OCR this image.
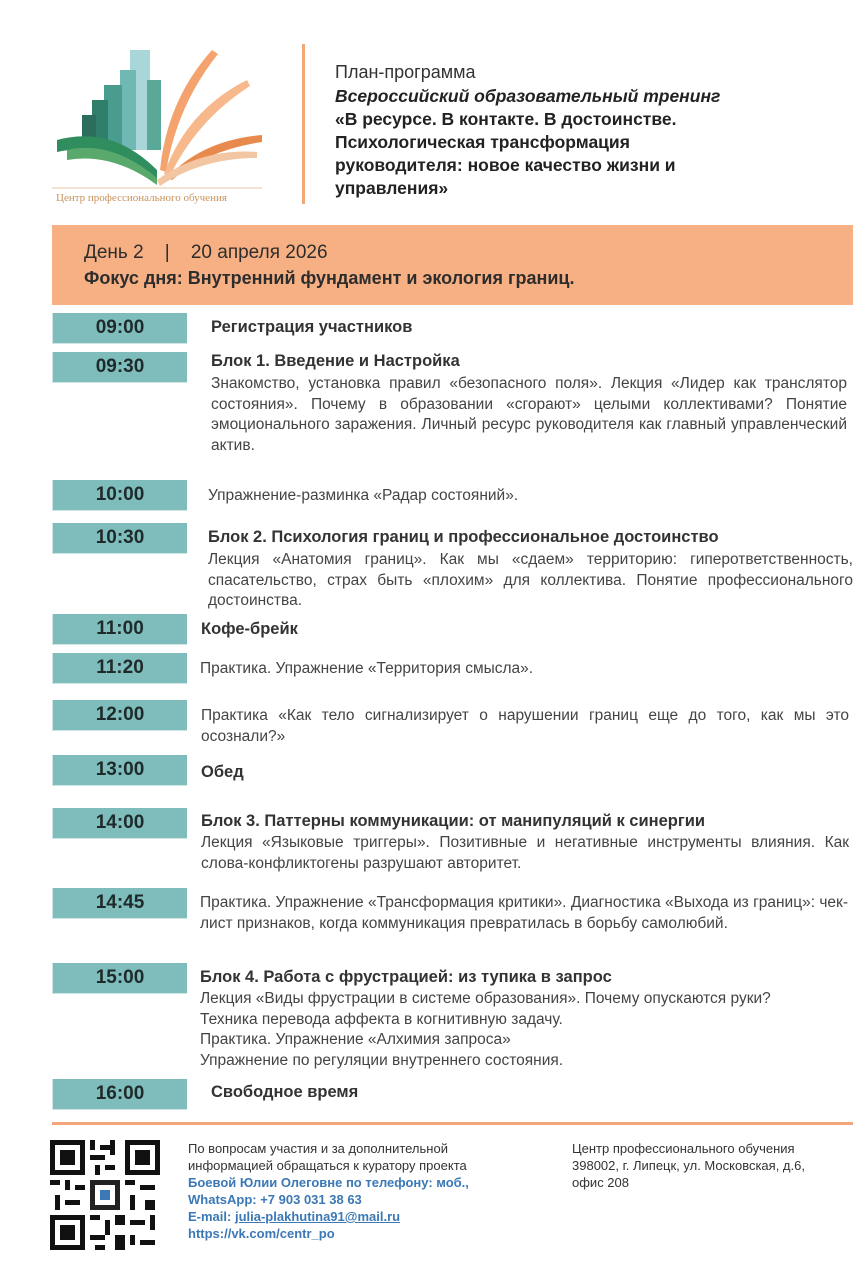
Центр профессионального обучения
План-программа
Всероссийский образовательный тренинг
«В ресурсе. В контакте. В достоинстве.
Психологическая трансформация
руководителя: новое качество жизни и
управления»
День 2    |    20 апреля 2026
Фокус дня: Внутренний фундамент и экология границ.
09:00	Регистрация участников
09:30	Блок 1. Введение и Настройка
Знакомство, установка правил «безопасного поля». Лекция «Лидер как транслятор состояния». Почему в образовании «сгорают» целыми коллективами? Понятие эмоционального заражения. Личный ресурс руководителя как главный управленческий актив.
10:00	Упражнение-разминка «Радар состояний».
10:30	Блок 2. Психология границ и профессиональное достоинство
Лекция «Анатомия границ». Как мы «сдаем» территорию: гиперответственность, спасательство, страх быть «плохим» для коллектива. Понятие профессионального достоинства.
11:00	Кофе-брейк
11:20	Практика. Упражнение «Территория смысла».
12:00	Практика «Как тело сигнализирует о нарушении границ еще до того, как мы это осознали?»
13:00	Обед
14:00	Блок 3. Паттерны коммуникации: от манипуляций к синергии
Лекция «Языковые триггеры». Позитивные и негативные инструменты влияния. Как слова-конфликтогены разрушают авторитет.
14:45	Практика. Упражнение «Трансформация критики». Диагностика «Выхода из границ»: чек-лист признаков, когда коммуникация превратилась в борьбу самолюбий.
15:00	Блок 4. Работа с фрустрацией: из тупика в запрос
Лекция «Виды фрустрации в системе образования». Почему опускаются руки? Техника перевода аффекта в когнитивную задачу.
Практика. Упражнение «Алхимия запроса»
Упражнение по регуляции внутреннего состояния.
16:00	Свободное время
По вопросам участия и за дополнительной
информацией обращаться к куратору проекта
Боевой Юлии Олеговне по телефону: моб.,
WhatsApp: +7 903 031 38 63
E-mail: julia-plakhutina91@mail.ru
https://vk.com/centr_po
Центр профессионального обучения
398002, г. Липецк, ул. Московская, д.6,
офис 208
